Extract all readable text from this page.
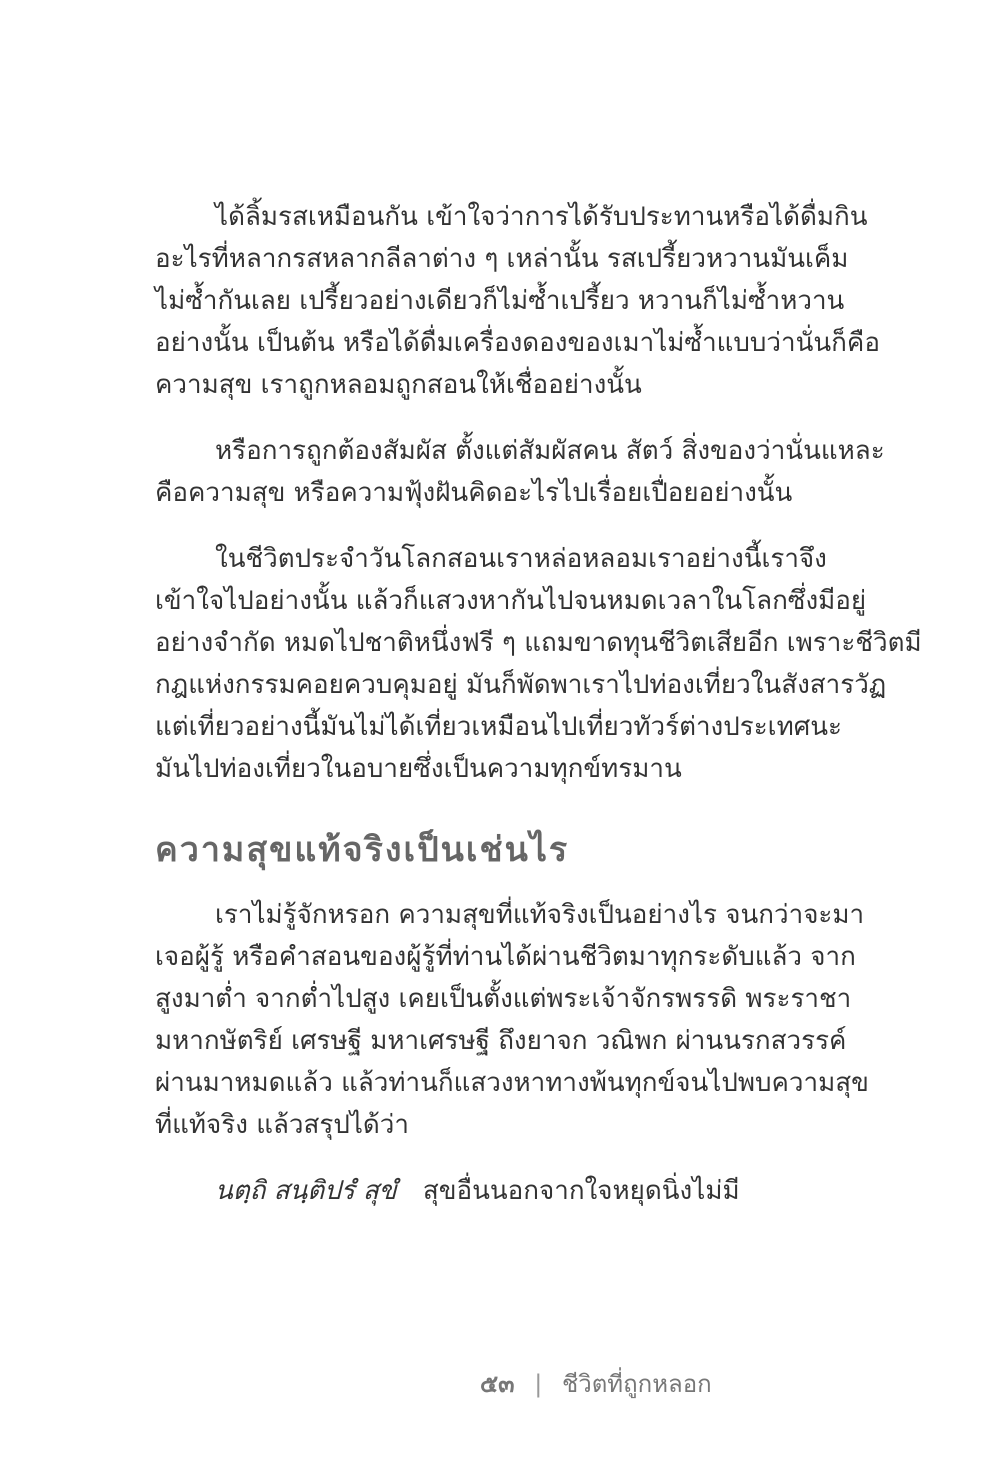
ได้ลิ้มรสเหมือนกัน เข้าใจว่าการได้รับประทานหรือได้ดื่มกิน
อะไรที่หลากรสหลากลีลาต่าง ๆ เหล่านั้น รสเปรี้ยวหวานมันเค็ม
ไม่ซ้ำกันเลย เปรี้ยวอย่างเดียวก็ไม่ซ้ำเปรี้ยว หวานก็ไม่ซ้ำหวาน
อย่างนั้น เป็นต้น หรือได้ดื่มเครื่องดองของเมาไม่ซ้ำแบบว่านั่นก็คือ
ความสุข เราถูกหลอมถูกสอนให้เชื่ออย่างนั้น

หรือการถูกต้องสัมผัส ตั้งแต่สัมผัสคน สัตว์ สิ่งของว่านั่นแหละ
คือความสุข หรือความฟุ้งฝันคิดอะไรไปเรื่อยเปื่อยอย่างนั้น

ในชีวิตประจำวันโลกสอนเราหล่อหลอมเราอย่างนี้เราจึง
เข้าใจไปอย่างนั้น แล้วก็แสวงหากันไปจนหมดเวลาในโลกซึ่งมีอยู่
อย่างจำกัด หมดไปชาติหนึ่งฟรี ๆ แถมขาดทุนชีวิตเสียอีก เพราะชีวิตมี
กฎแห่งกรรมคอยควบคุมอยู่ มันก็พัดพาเราไปท่องเที่ยวในสังสารวัฏ
แต่เที่ยวอย่างนี้มันไม่ได้เที่ยวเหมือนไปเที่ยวทัวร์ต่างประเทศนะ
มันไปท่องเที่ยวในอบายซึ่งเป็นความทุกข์ทรมาน

ความสุขแท้จริงเป็นเช่นไร

เราไม่รู้จักหรอก ความสุขที่แท้จริงเป็นอย่างไร จนกว่าจะมา
เจอผู้รู้ หรือคำสอนของผู้รู้ที่ท่านได้ผ่านชีวิตมาทุกระดับแล้ว จาก
สูงมาต่ำ จากต่ำไปสูง เคยเป็นตั้งแต่พระเจ้าจักรพรรดิ พระราชา
มหากษัตริย์ เศรษฐี มหาเศรษฐี ถึงยาจก วณิพก ผ่านนรกสวรรค์
ผ่านมาหมดแล้ว แล้วท่านก็แสวงหาทางพ้นทุกข์จนไปพบความสุข
ที่แท้จริง แล้วสรุปได้ว่า

นตฺถิ สนฺติปรํ สุขํ สุขอื่นนอกจากใจหยุดนิ่งไม่มี

๕๓ | ชีวิตที่ถูกหลอก
